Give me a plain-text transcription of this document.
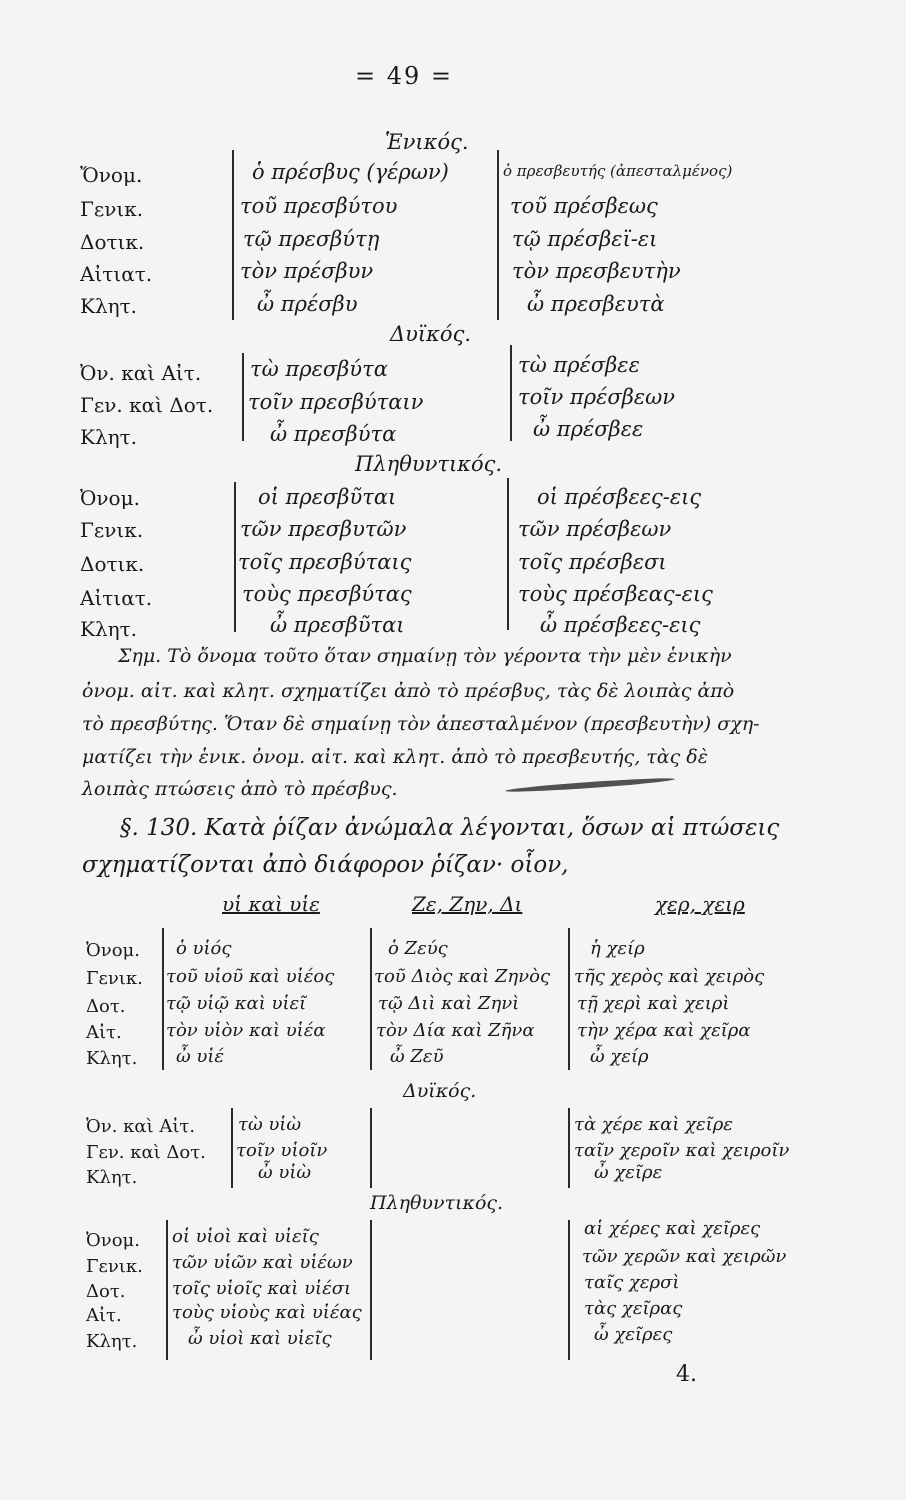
= 49 =
Ἑνικός.
Ὄνομ.
Γενικ.
Δοτικ.
Αἰτιατ.
Κλητ.
ὁ πρέσβυς (γέρων)
τοῦ πρεσβύτου
τῷ πρεσβύτῃ
τὸν πρέσβυν
ὦ πρέσβυ
ὁ πρεσβευτής (ἀπεσταλμένος)
τοῦ πρέσβεως
τῷ πρέσβεϊ-ει
τὸν πρεσβευτὴν
ὦ πρεσβευτὰ
Δυϊκός.
Ὀν. καὶ Αἰτ.
Γεν. καὶ Δοτ.
Κλητ.
τὼ πρεσβύτα
τοῖν πρεσβύταιν
ὦ πρεσβύτα
τὼ πρέσβεε
τοῖν πρέσβεων
ὦ πρέσβεε
Πληθυντικός.
Ὀνομ.
Γενικ.
Δοτικ.
Αἰτιατ.
Κλητ.
οἱ πρεσβῦται
τῶν πρεσβυτῶν
τοῖς πρεσβύταις
τοὺς πρεσβύτας
ὦ πρεσβῦται
οἱ πρέσβεες-εις
τῶν πρέσβεων
τοῖς πρέσβεσι
τοὺς πρέσβεας-εις
ὦ πρέσβεες-εις
Σημ. Τὸ ὄνομα τοῦτο ὅταν σημαίνῃ τὸν γέροντα τὴν μὲν ἑνικὴν
ὀνομ. αἰτ. καὶ κλητ. σχηματίζει ἀπὸ τὸ πρέσβυς, τὰς δὲ λοιπὰς ἀπὸ
τὸ πρεσβύτης. Ὅταν δὲ σημαίνῃ τὸν ἀπεσταλμένον (πρεσβευτὴν) σχη-
ματίζει τὴν ἑνικ. ὀνομ. αἰτ. καὶ κλητ. ἀπὸ τὸ πρεσβευτής, τὰς δὲ
λοιπὰς πτώσεις ἀπὸ τὸ πρέσβυς.
§. 130. Κατὰ ῥίζαν ἀνώμαλα λέγονται, ὅσων αἱ πτώσεις
σχηματίζονται ἀπὸ διάφορον ῥίζαν· οἷον,
υἱ καὶ υἱε	Ζε, Ζην, Δι	χερ, χειρ
Ὀνομ.
Γενικ.
Δοτ.
Αἰτ.
Κλητ.
ὁ υἱός
τοῦ υἱοῦ καὶ υἱέος
τῷ υἱῷ καὶ υἱεῖ
τὸν υἱὸν καὶ υἱέα
ὦ υἱέ
ὁ Ζεύς
τοῦ Διὸς καὶ Ζηνὸς
τῷ Διὶ καὶ Ζηνὶ
τὸν Δία καὶ Ζῆνα
ὦ Ζεῦ
ἡ χείρ
τῆς χερὸς καὶ χειρὸς
τῇ χερὶ καὶ χειρὶ
τὴν χέρα καὶ χεῖρα
ὦ χείρ
Δυϊκός.
Ὀν. καὶ Αἰτ.
Γεν. καὶ Δοτ.
Κλητ.
τὼ υἱὼ
τοῖν υἱοῖν
ὦ υἱὼ
τὰ χέρε καὶ χεῖρε
ταῖν χεροῖν καὶ χειροῖν
ὦ χεῖρε
Πληθυντικός.
Ὀνομ.
Γενικ.
Δοτ.
Αἰτ.
Κλητ.
οἱ υἱοὶ καὶ υἱεῖς
τῶν υἱῶν καὶ υἱέων
τοῖς υἱοῖς καὶ υἱέσι
τοὺς υἱοὺς καὶ υἱέας
ὦ υἱοὶ καὶ υἱεῖς
αἱ χέρες καὶ χεῖρες
τῶν χερῶν καὶ χειρῶν
ταῖς χερσὶ
τὰς χεῖρας
ὦ χεῖρες
4.
